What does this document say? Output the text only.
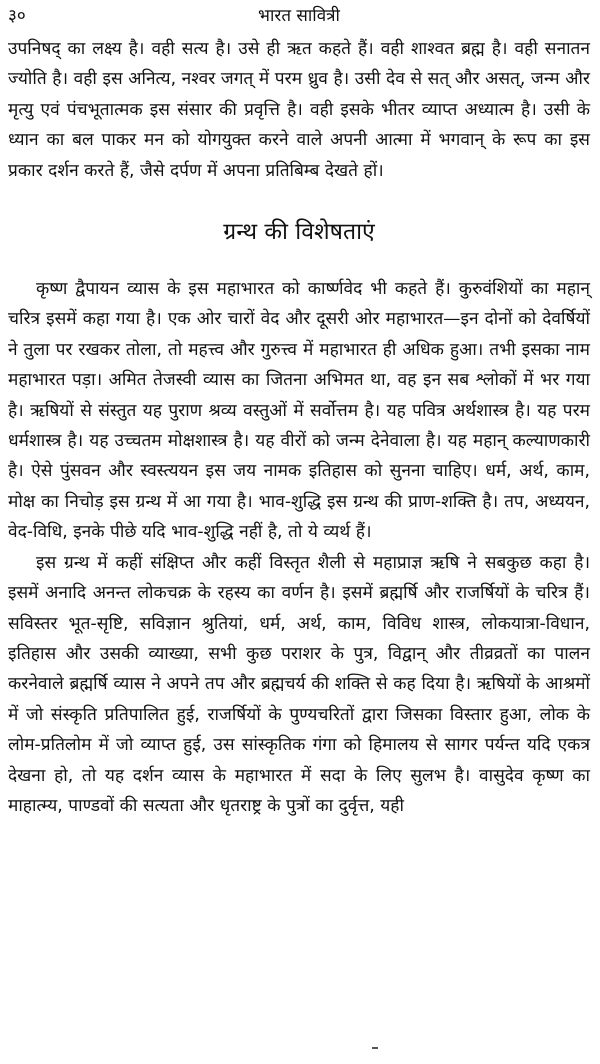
३०	भारत सावित्री

उपनिषद् का लक्ष्य है। वही सत्य है। उसे ही ऋत कहते हैं। वही शाश्वत ब्रह्म है। वही सनातन ज्योति है। वही इस अनित्य, नश्वर जगत् में परम ध्रुव है। उसी देव से सत् और असत्, जन्म और मृत्यु एवं पंचभूतात्मक इस संसार की प्रवृत्ति है। वही इसके भीतर व्याप्त अध्यात्म है। उसी के ध्यान का बल पाकर मन को योगयुक्त करने वाले अपनी आत्मा में भगवान् के रूप का इस प्रकार दर्शन करते हैं, जैसे दर्पण में अपना प्रतिबिम्ब देखते हों।

ग्रन्थ की विशेषताएं

कृष्ण द्वैपायन व्यास के इस महाभारत को कार्ष्णवेद भी कहते हैं। कुरुवंशियों का महान् चरित्र इसमें कहा गया है। एक ओर चारों वेद और दूसरी ओर महाभारत—इन दोनों को देवर्षियों ने तुला पर रखकर तोला, तो महत्त्व और गुरुत्त्व में महाभारत ही अधिक हुआ। तभी इसका नाम महाभारत पड़ा। अमित तेजस्वी व्यास का जितना अभिमत था, वह इन सब श्लोकों में भर गया है। ऋषियों से संस्तुत यह पुराण श्रव्य वस्तुओं में सर्वोत्तम है। यह पवित्र अर्थशास्त्र है। यह परम धर्मशास्त्र है। यह उच्चतम मोक्षशास्त्र है। यह वीरों को जन्म देनेवाला है। यह महान् कल्याणकारी है। ऐसे पुंसवन और स्वस्त्ययन इस जय नामक इतिहास को सुनना चाहिए। धर्म, अर्थ, काम, मोक्ष का निचोड़ इस ग्रन्थ में आ गया है। भाव-शुद्धि इस ग्रन्थ की प्राण-शक्ति है। तप, अध्ययन, वेद-विधि, इनके पीछे यदि भाव-शुद्धि नहीं है, तो ये व्यर्थ हैं।

इस ग्रन्थ में कहीं संक्षिप्त और कहीं विस्तृत शैली से महाप्राज्ञ ऋषि ने सबकुछ कहा है। इसमें अनादि अनन्त लोकचक्र के रहस्य का वर्णन है। इसमें ब्रह्मर्षि और राजर्षियों के चरित्र हैं। सविस्तर भूत-सृष्टि, सविज्ञान श्रुतियां, धर्म, अर्थ, काम, विविध शास्त्र, लोकयात्रा-विधान, इतिहास और उसकी व्याख्या, सभी कुछ पराशर के पुत्र, विद्वान् और तीव्रव्रतों का पालन करनेवाले ब्रह्मर्षि व्यास ने अपने तप और ब्रह्मचर्य की शक्ति से कह दिया है। ऋषियों के आश्रमों में जो संस्कृति प्रतिपालित हुई, राजर्षियों के पुण्यचरितों द्वारा जिसका विस्तार हुआ, लोक के लोम-प्रतिलोम में जो व्याप्त हुई, उस सांस्कृतिक गंगा को हिमालय से सागर पर्यन्त यदि एकत्र देखना हो, तो यह दर्शन व्यास के महाभारत में सदा के लिए सुलभ है। वासुदेव कृष्ण का माहात्म्य, पाण्डवों की सत्यता और धृतराष्ट्र के पुत्रों का दुर्वृत्त, यही
